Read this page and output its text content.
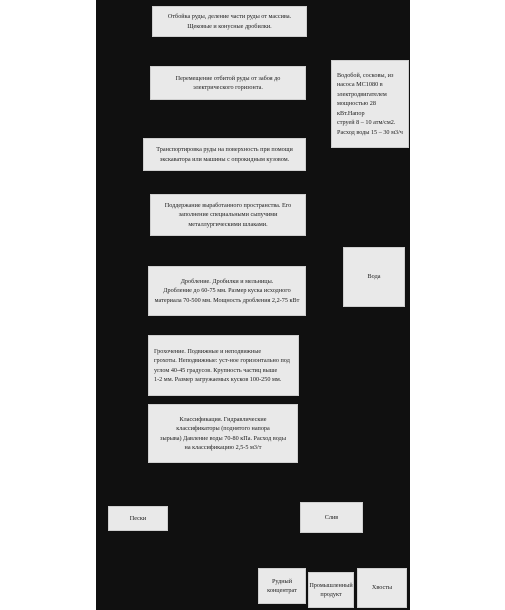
Отбойка руды, деление части руды от массива.
Щековые и конусные дробилки.
Перемещение отбитой руды от забоя до
электрического горизонта.
Водобой, сосковы, из
насоса МС1080 в
электродвигателем
мощностью 28 кВт.Напор
струей 8 – 10 атм/см2.
Расход воды 15 – 30 м3/ч
Транспортировка руды на поверхность при помощи
экскаватора или машины с опрокидным кузовом.
Поддержание выработанного пространства. Его
заполнение специальными сыпучими
металлургическими шлаками.
Вода
Дробление. Дробилки и мельницы.
Дробление до 60-75 мм. Размер куска исходного
материала 70-500 мм. Мощность дробления 2,2-75 кВт
Грохочение. Подвижные и неподвижные
грохоты. Неподвижные: уст-ное горизонтально под
углом 40-45 градусов. Крупность частиц выше
1-2 мм. Размер загружаемых кусков 100-250 мм.
Классификация. Гидравлические
классификаторы (поднятого напора
зырыва) Давление воды 70-80 кПа. Расход воды
на классификацию 2,5-5 м3/т
Пески	Слив
Рудный
концентрат
Промышленный
продукт
Хвосты
